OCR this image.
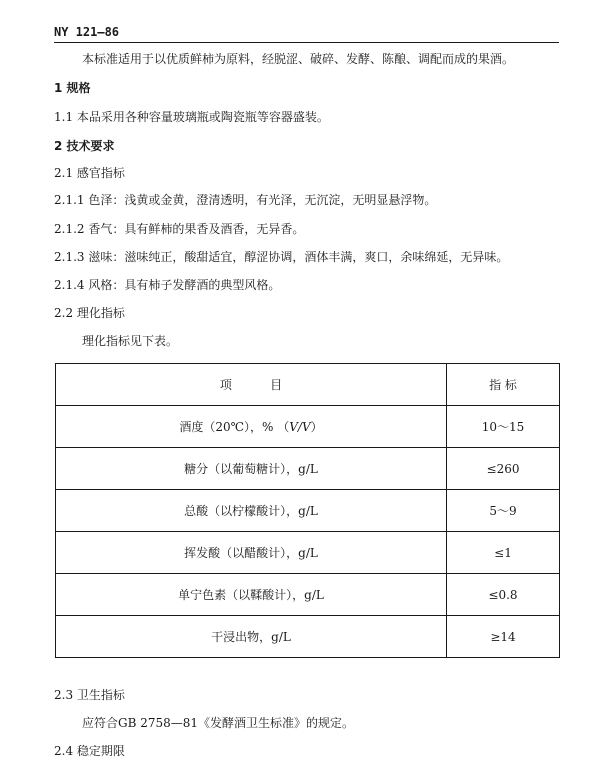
NY 121—86
本标准适用于以优质鲜柿为原料，经脱涩、破碎、发酵、陈酿、调配而成的果酒。
1 规格
1.1 本品采用各种容量玻璃瓶或陶瓷瓶等容器盛装。
2 技术要求
2.1 感官指标
2.1.1 色泽：浅黄或金黄，澄清透明，有光泽，无沉淀，无明显悬浮物。
2.1.2 香气：具有鲜柿的果香及酒香，无异香。
2.1.3 滋味：滋味纯正，酸甜适宜，醇涩协调，酒体丰满，爽口，余味绵延，无异味。
2.1.4 风格：具有柿子发酵酒的典型风格。
2.2 理化指标
理化指标见下表。
项          目	指 标
酒度（20℃），% （V/V）	10～15
糖分（以葡萄糖计），g/L	≤260
总酸（以柠檬酸计），g/L	5～9
挥发酸（以醋酸计），g/L	≤1
单宁色素（以鞣酸计），g/L	≤0.8
干浸出物，g/L	≥14
2.3 卫生指标
应符合GB 2758—81《发酵酒卫生标准》的规定。
2.4 稳定期限
